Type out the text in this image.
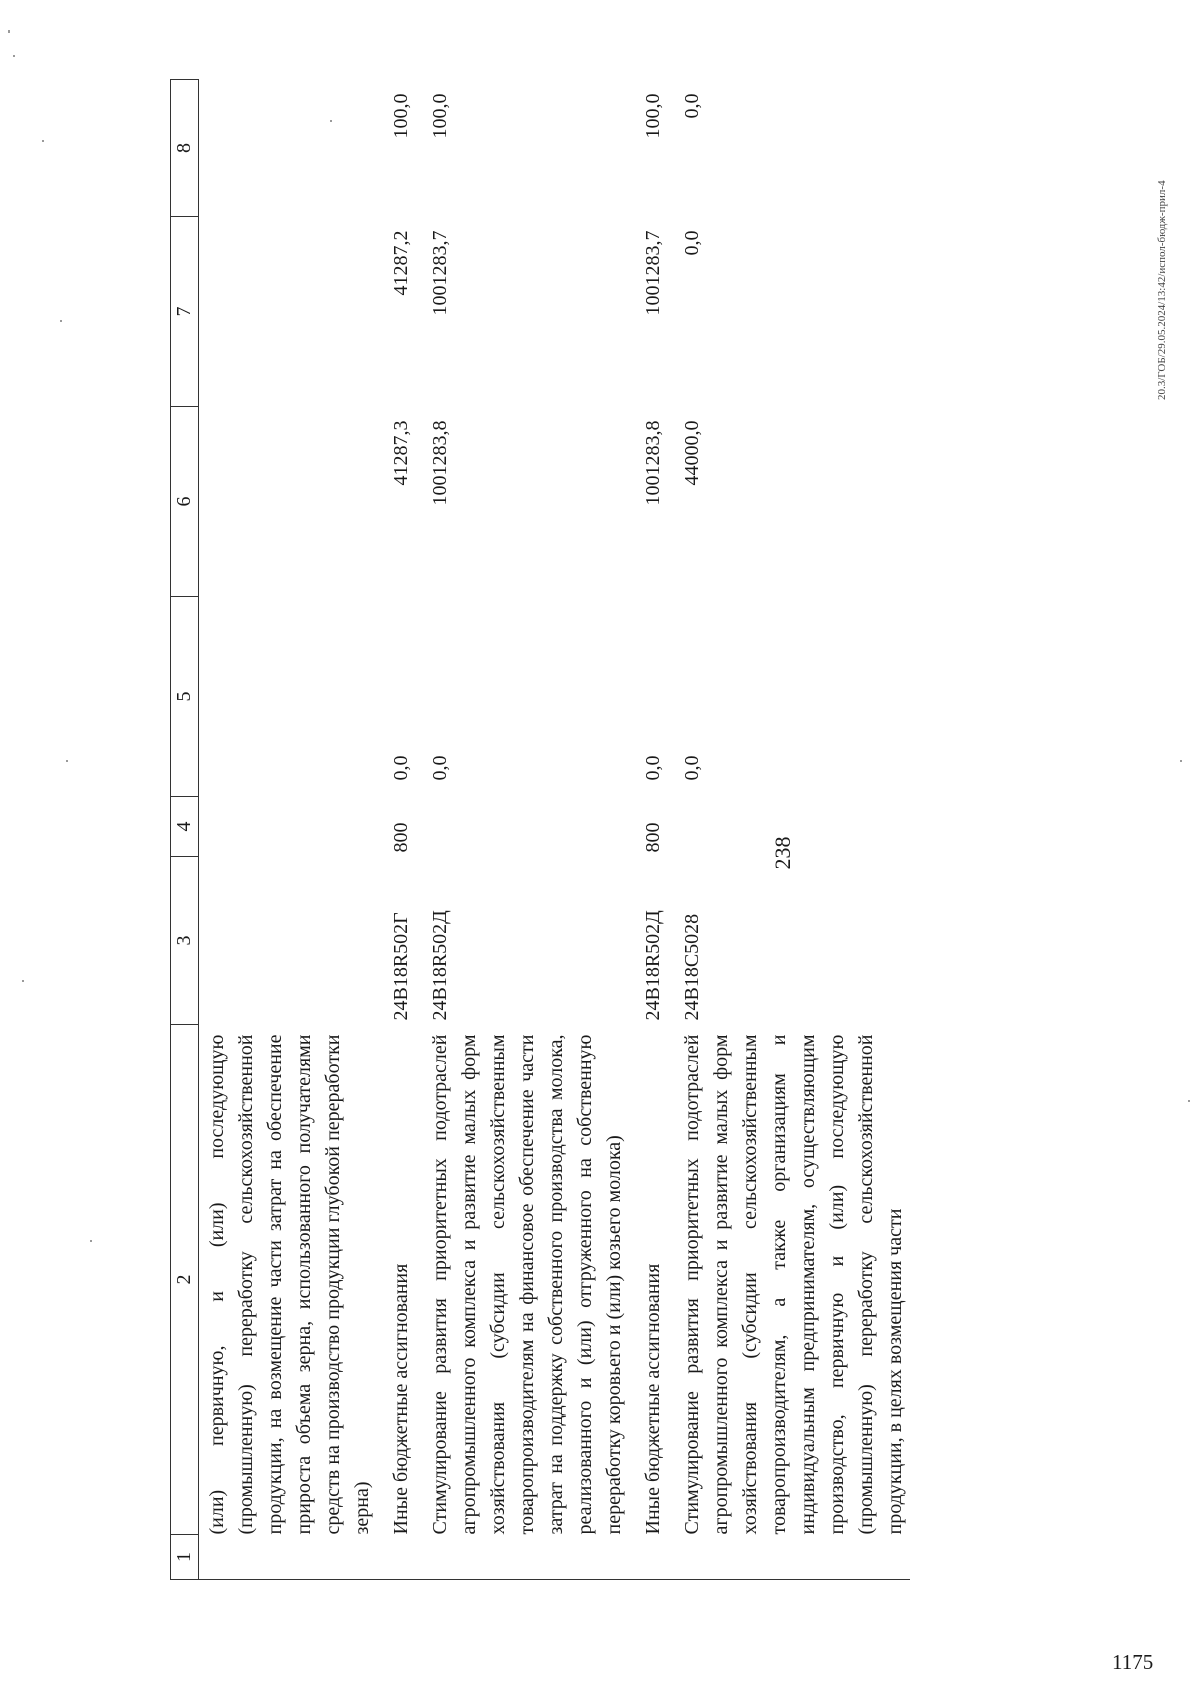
1	2	3	4	5	6	7	8
	(или) первичную, и (или) последующую (промышленную) переработку сельскохозяйственной продукции, на возмещение части затрат на обеспечение прироста объема зерна, использованного получателями средств на производство продукции глубокой переработки зерна)						
	Иные бюджетные ассигнования	24В18R502Г	800	0,0	41287,3	41287,2	100,0
	Стимулирование развития приоритетных подотраслей агропромышленного комплекса и развитие малых форм хозяйствования (субсидии сельскохозяйственным товаропроизводителям на финансовое обеспечение части затрат на поддержку собственного производства молока, реализованного и (или) отгруженного на собственную переработку коровьего и (или) козьего молока)	24В18R502Д		0,0	1001283,8	1001283,7	100,0
	Иные бюджетные ассигнования	24В18R502Д	800	0,0	1001283,8	1001283,7	100,0
	Стимулирование развития приоритетных подотраслей агропромышленного комплекса и развитие малых форм хозяйствования (субсидии сельскохозяйственным товаропроизводителям, а также организациям и индивидуальным предпринимателям, осуществляющим производство, первичную и (или) последующую (промышленную) переработку сельскохозяйственной продукции, в целях возмещения части	24В18С5028		0,0	44000,0	0,0	0,0
238
20.3/ГОБ/29.05.2024/13:42/испол-бюдж-прил-4
1175
